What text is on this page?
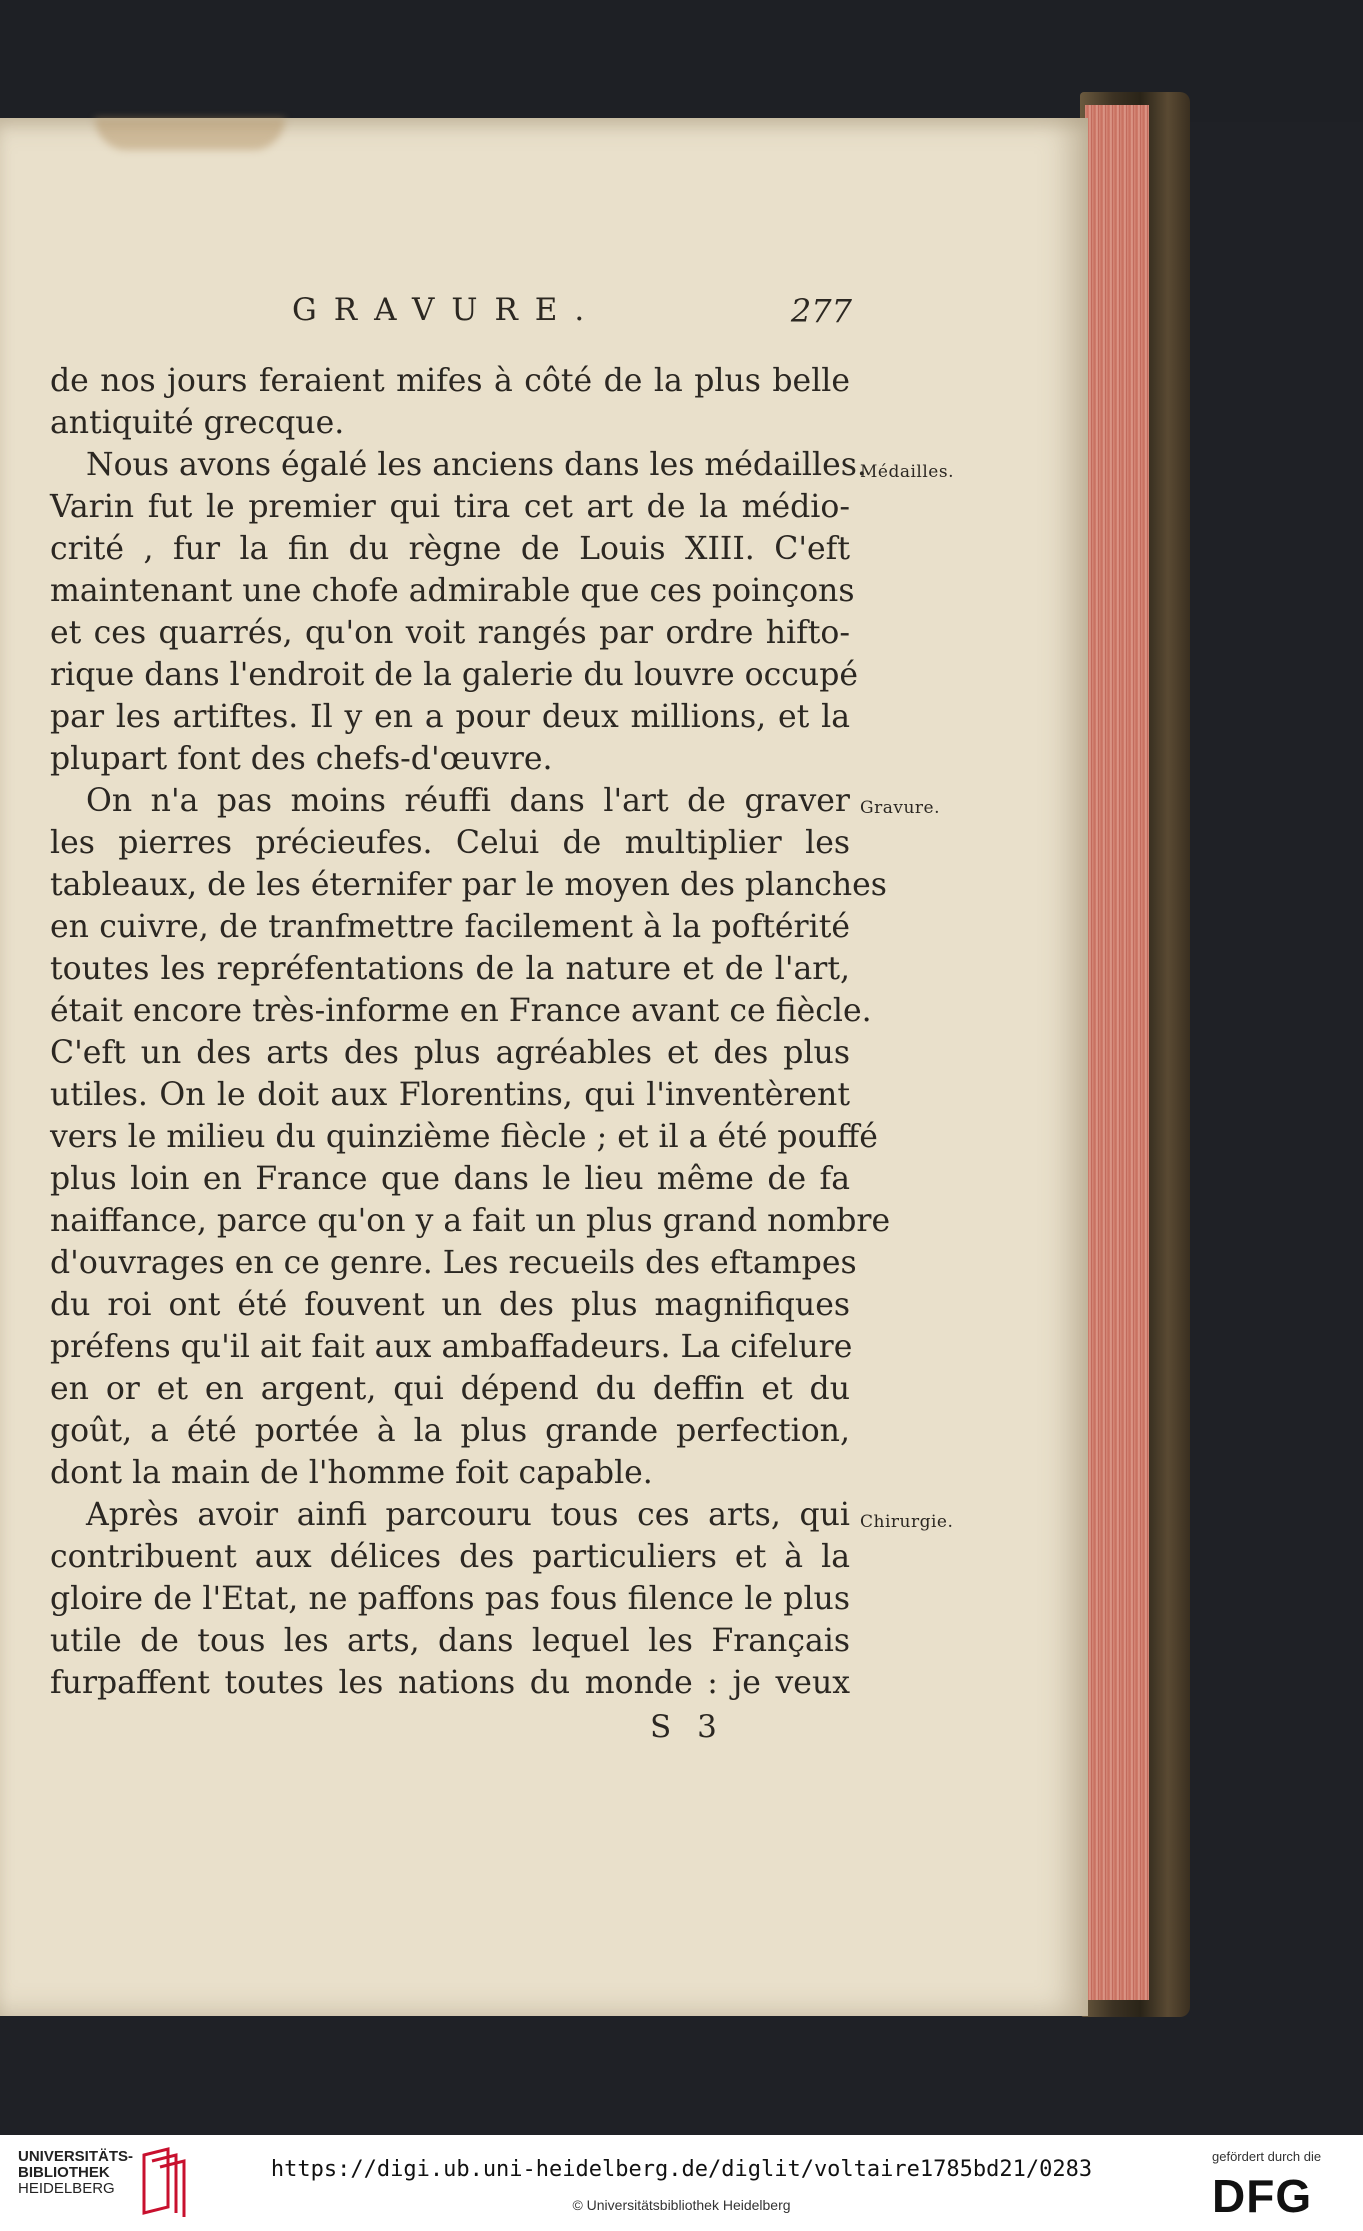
GRAVURE.	277
de nos jours feraient mifes à côté de la plus belle
antiquité grecque.
Nous avons égalé les anciens dans les médailles.
Varin fut le premier qui tira cet art de la médio-
crité , fur la fin du règne de Louis XIII. C'eft
maintenant une chofe admirable que ces poinçons
et ces quarrés, qu'on voit rangés par ordre hifto-
rique dans l'endroit de la galerie du louvre occupé
par les artiftes. Il y en a pour deux millions, et la
plupart font des chefs-d'œuvre.
On n'a pas moins réuffi dans l'art de graver
les pierres précieufes. Celui de multiplier les
tableaux, de les éternifer par le moyen des planches
en cuivre, de tranfmettre facilement à la poftérité
toutes les repréfentations de la nature et de l'art,
était encore très-informe en France avant ce fiècle.
C'eft un des arts des plus agréables et des plus
utiles. On le doit aux Florentins, qui l'inventèrent
vers le milieu du quinzième fiècle ; et il a été pouffé
plus loin en France que dans le lieu même de fa
naiffance, parce qu'on y a fait un plus grand nombre
d'ouvrages en ce genre. Les recueils des eftampes
du roi ont été fouvent un des plus magnifiques
préfens qu'il ait fait aux ambaffadeurs. La cifelure
en or et en argent, qui dépend du deffin et du
goût, a été portée à la plus grande perfection,
dont la main de l'homme foit capable.
Après avoir ainfi parcouru tous ces arts, qui
contribuent aux délices des particuliers et à la
gloire de l'Etat, ne paffons pas fous filence le plus
utile de tous les arts, dans lequel les Français
furpaffent toutes les nations du monde : je veux
Médailles.
Gravure.
Chirurgie.
S 3
UNIVERSITÄTS-
BIBLIOTHEK
HEIDELBERG
https://digi.ub.uni-heidelberg.de/diglit/voltaire1785bd21/0283
© Universitätsbibliothek Heidelberg
gefördert durch die
DFG
